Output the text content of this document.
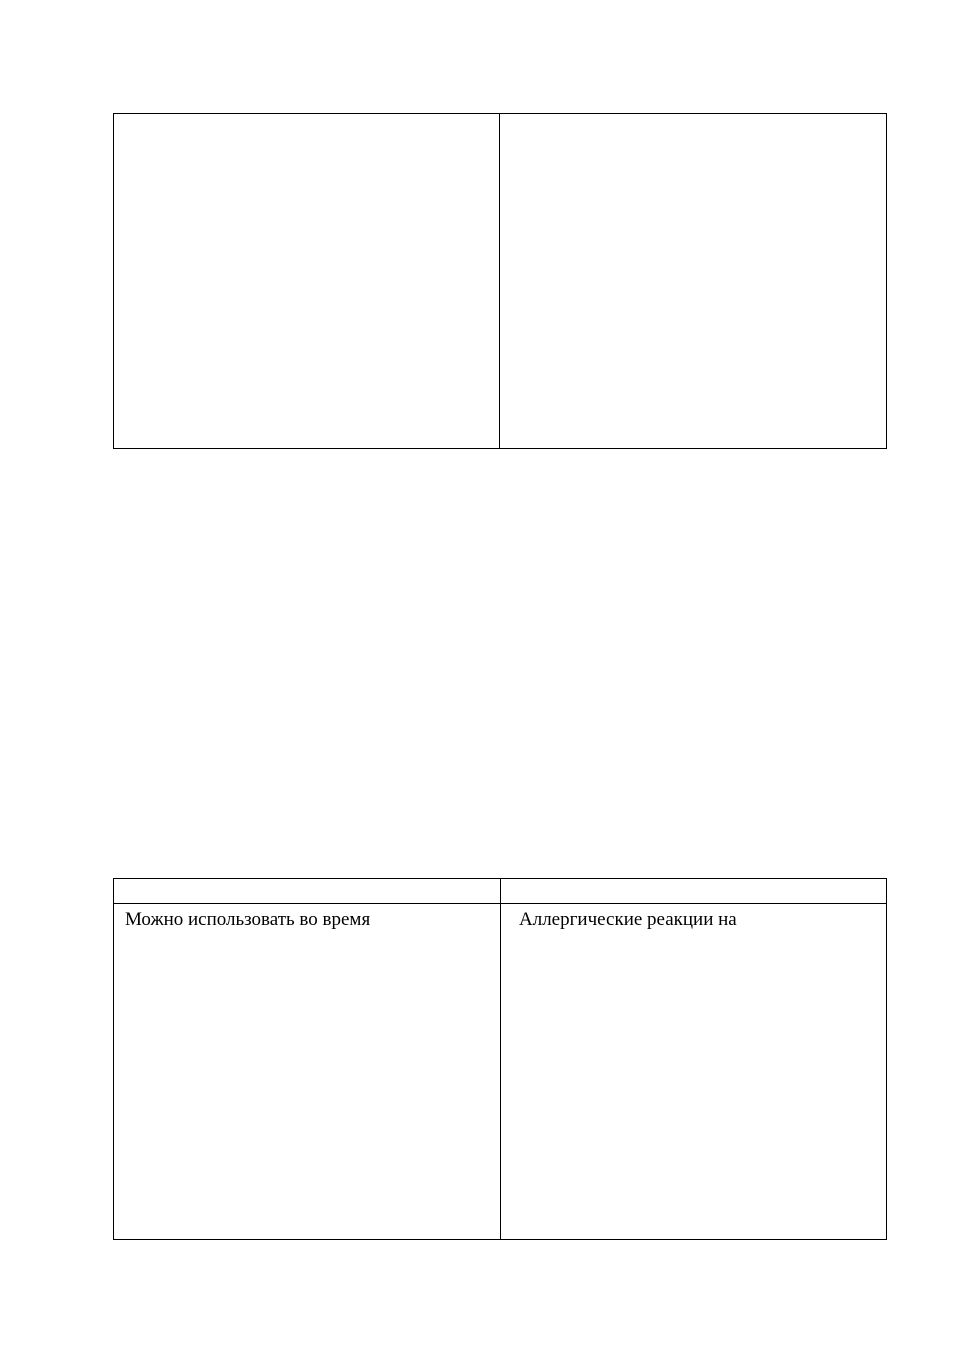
Можно использовать во время	Аллергические реакции на
